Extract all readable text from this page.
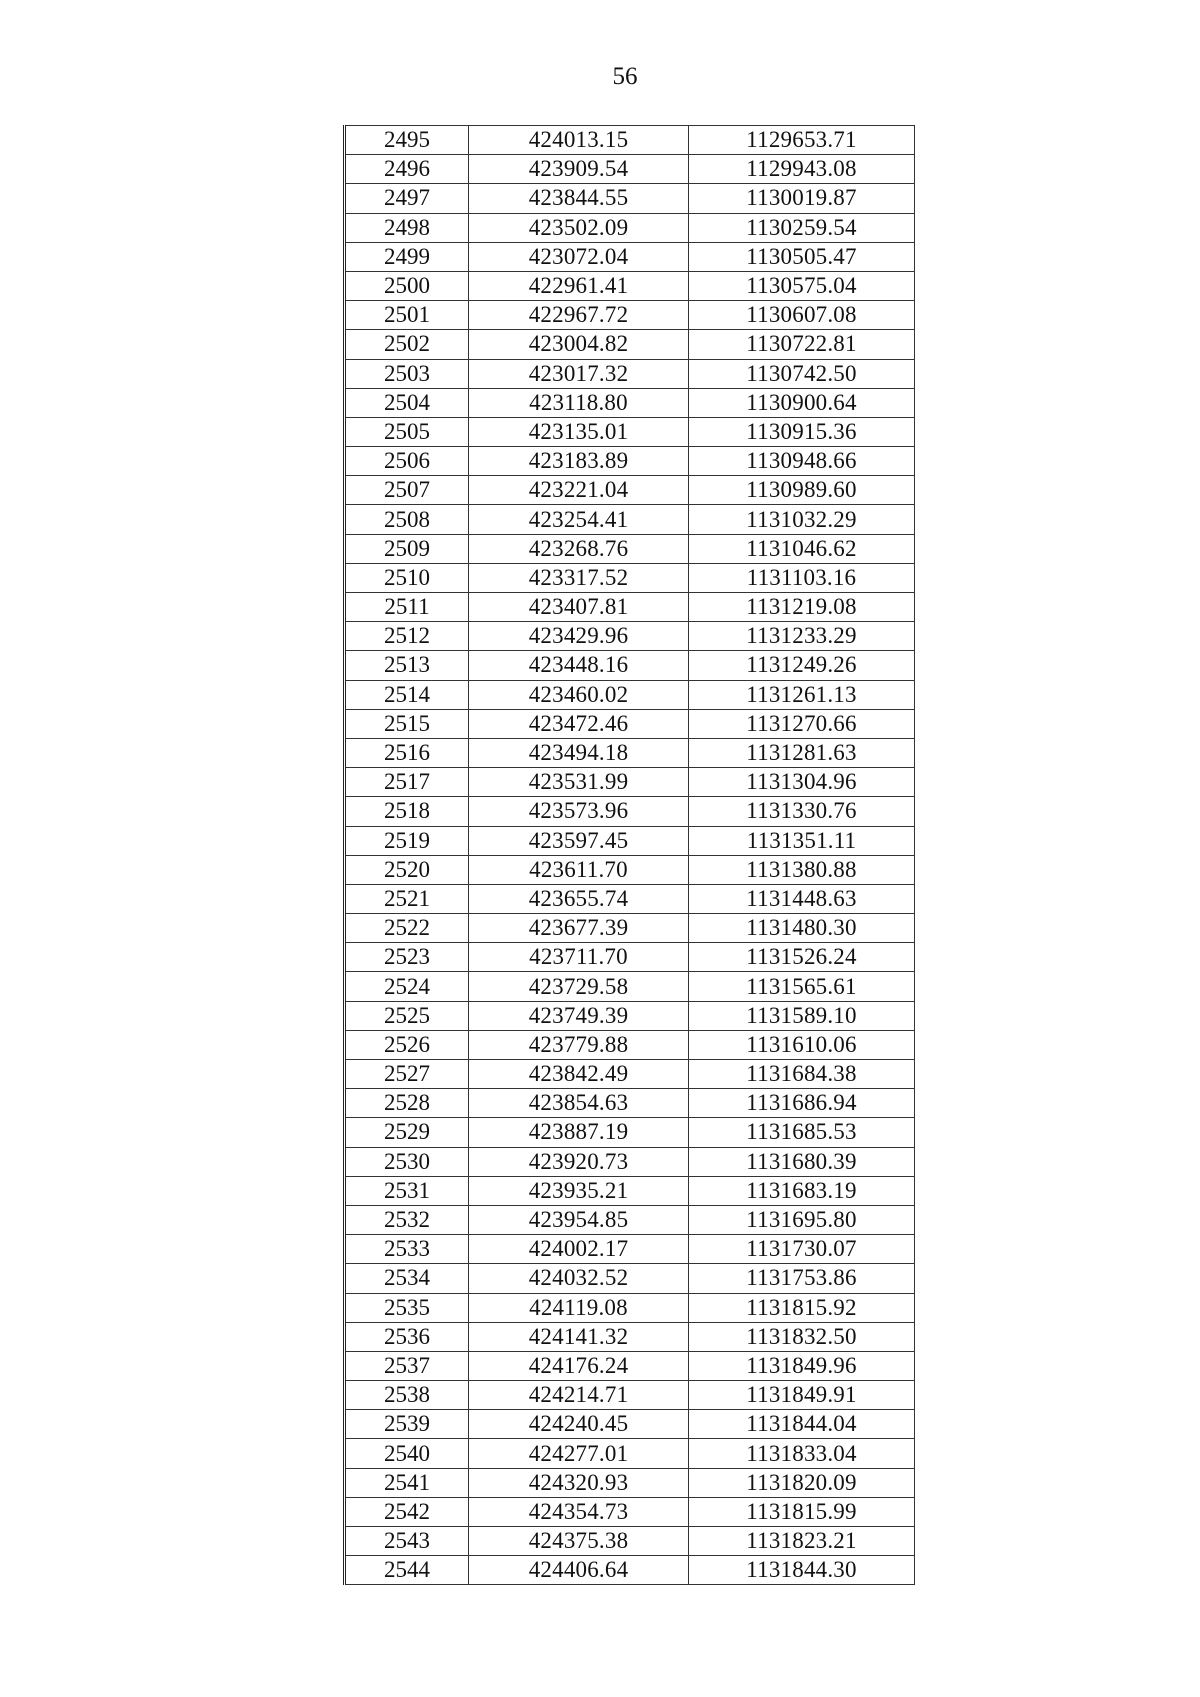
56
2495	424013.15	1129653.71
2496	423909.54	1129943.08
2497	423844.55	1130019.87
2498	423502.09	1130259.54
2499	423072.04	1130505.47
2500	422961.41	1130575.04
2501	422967.72	1130607.08
2502	423004.82	1130722.81
2503	423017.32	1130742.50
2504	423118.80	1130900.64
2505	423135.01	1130915.36
2506	423183.89	1130948.66
2507	423221.04	1130989.60
2508	423254.41	1131032.29
2509	423268.76	1131046.62
2510	423317.52	1131103.16
2511	423407.81	1131219.08
2512	423429.96	1131233.29
2513	423448.16	1131249.26
2514	423460.02	1131261.13
2515	423472.46	1131270.66
2516	423494.18	1131281.63
2517	423531.99	1131304.96
2518	423573.96	1131330.76
2519	423597.45	1131351.11
2520	423611.70	1131380.88
2521	423655.74	1131448.63
2522	423677.39	1131480.30
2523	423711.70	1131526.24
2524	423729.58	1131565.61
2525	423749.39	1131589.10
2526	423779.88	1131610.06
2527	423842.49	1131684.38
2528	423854.63	1131686.94
2529	423887.19	1131685.53
2530	423920.73	1131680.39
2531	423935.21	1131683.19
2532	423954.85	1131695.80
2533	424002.17	1131730.07
2534	424032.52	1131753.86
2535	424119.08	1131815.92
2536	424141.32	1131832.50
2537	424176.24	1131849.96
2538	424214.71	1131849.91
2539	424240.45	1131844.04
2540	424277.01	1131833.04
2541	424320.93	1131820.09
2542	424354.73	1131815.99
2543	424375.38	1131823.21
2544	424406.64	1131844.30
